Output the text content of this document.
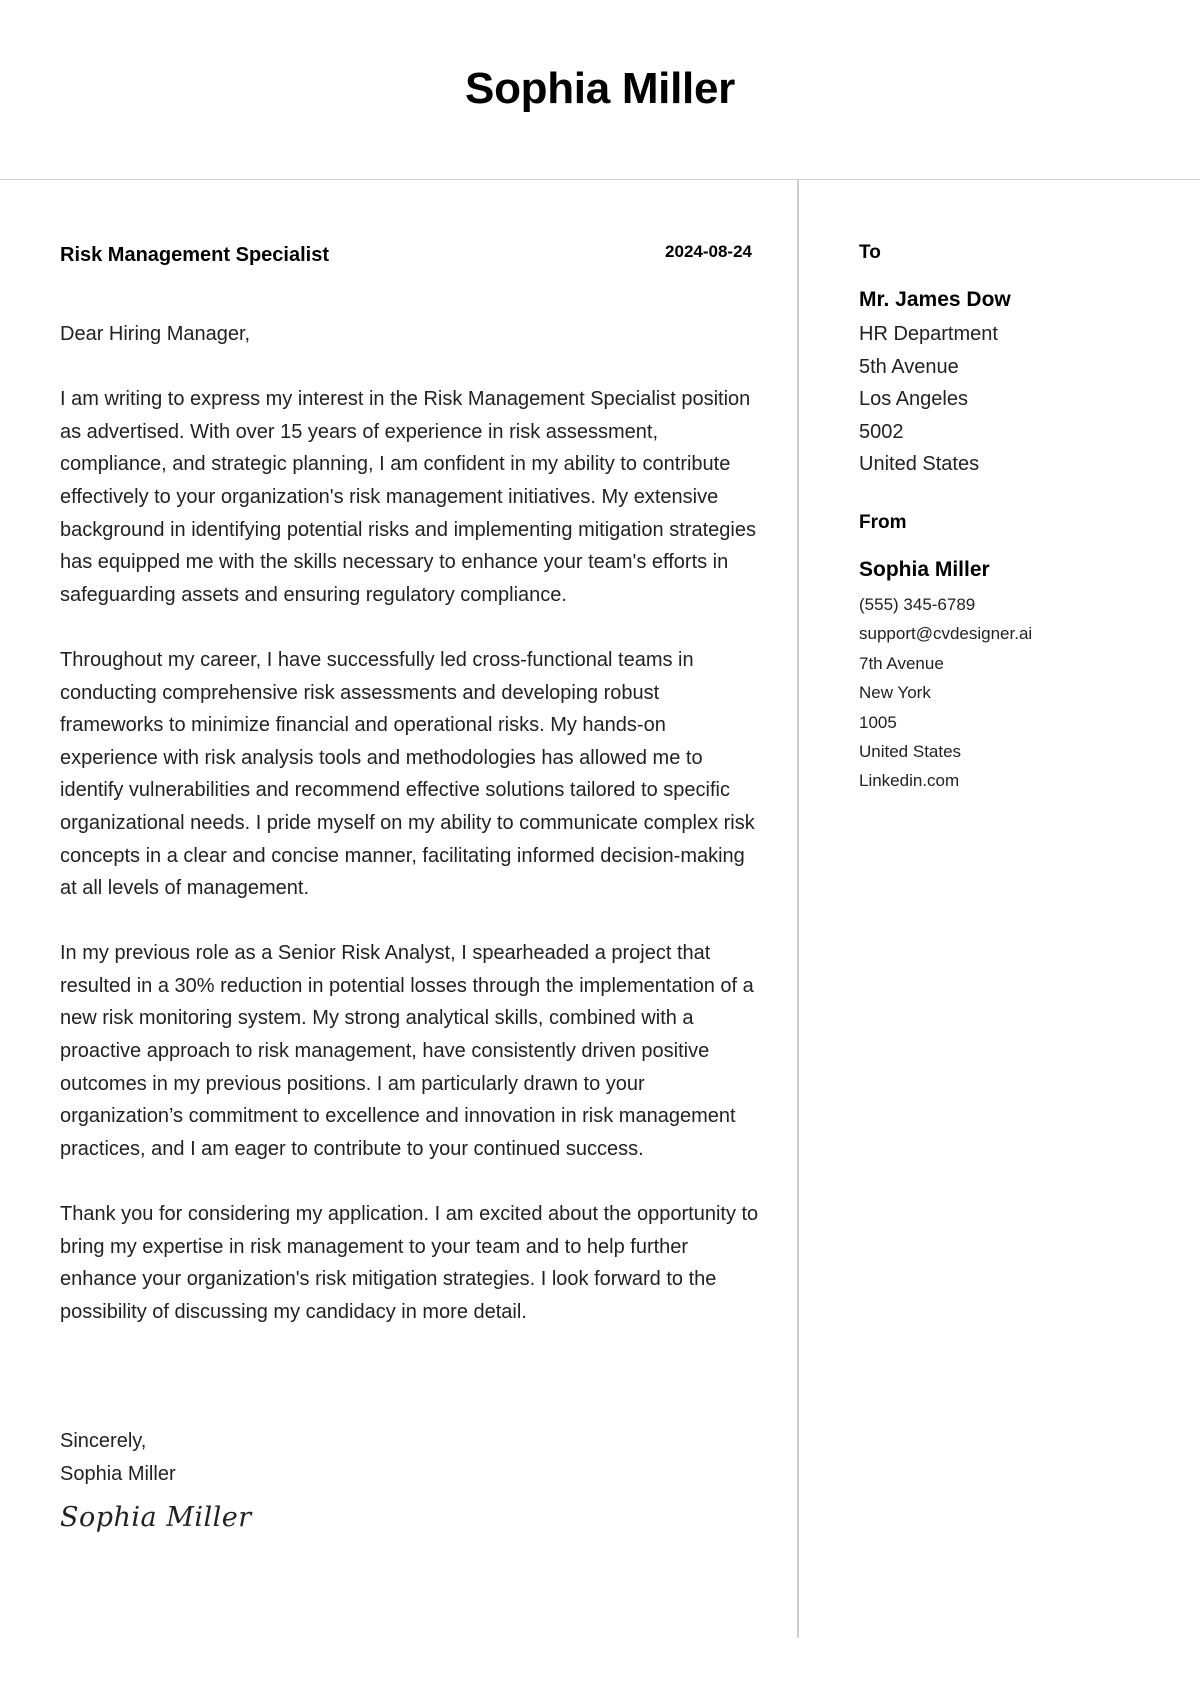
Sophia Miller
Risk Management Specialist	2024-08-24

Dear Hiring Manager,

I am writing to express my interest in the Risk Management Specialist position as advertised. With over 15 years of experience in risk assessment, compliance, and strategic planning, I am confident in my ability to contribute effectively to your organization's risk management initiatives. My extensive background in identifying potential risks and implementing mitigation strategies has equipped me with the skills necessary to enhance your team's efforts in safeguarding assets and ensuring regulatory compliance.

Throughout my career, I have successfully led cross-functional teams in conducting comprehensive risk assessments and developing robust frameworks to minimize financial and operational risks. My hands-on experience with risk analysis tools and methodologies has allowed me to identify vulnerabilities and recommend effective solutions tailored to specific organizational needs. I pride myself on my ability to communicate complex risk concepts in a clear and concise manner, facilitating informed decision-making at all levels of management.

In my previous role as a Senior Risk Analyst, I spearheaded a project that resulted in a 30% reduction in potential losses through the implementation of a new risk monitoring system. My strong analytical skills, combined with a proactive approach to risk management, have consistently driven positive outcomes in my previous positions. I am particularly drawn to your organization’s commitment to excellence and innovation in risk management practices, and I am eager to contribute to your continued success.

Thank you for considering my application. I am excited about the opportunity to bring my expertise in risk management to your team and to help further enhance your organization's risk mitigation strategies. I look forward to the possibility of discussing my candidacy in more detail.

Sincerely,
Sophia Miller
Sophia Miller
To
Mr. James Dow
HR Department
5th Avenue
Los Angeles
5002
United States
From
Sophia Miller
(555) 345-6789
support@cvdesigner.ai
7th Avenue
New York
1005
United States
Linkedin.com
